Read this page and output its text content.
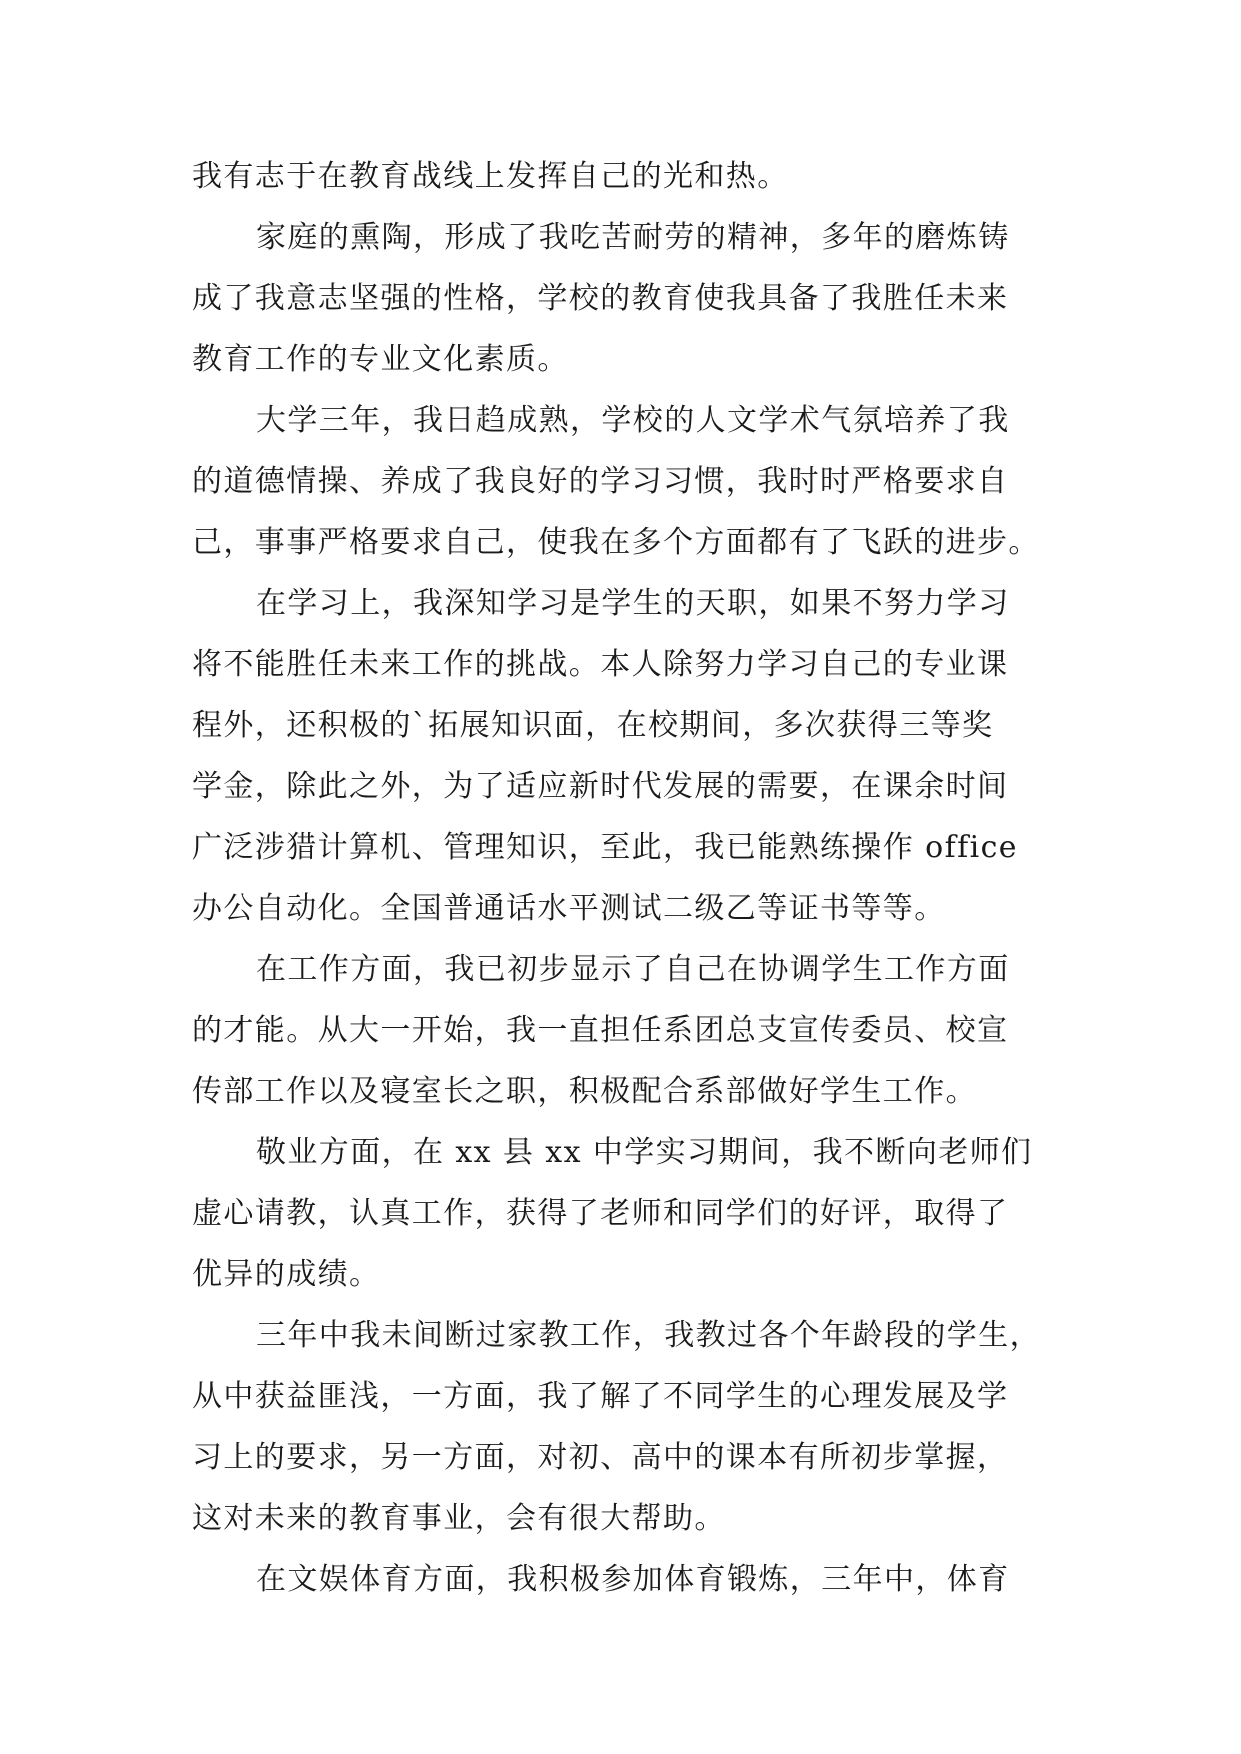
我有志于在教育战线上发挥自己的光和热。
家庭的熏陶，形成了我吃苦耐劳的精神，多年的磨炼铸
成了我意志坚强的性格，学校的教育使我具备了我胜任未来
教育工作的专业文化素质。
大学三年，我日趋成熟，学校的人文学术气氛培养了我
的道德情操、养成了我良好的学习习惯，我时时严格要求自
己，事事严格要求自己，使我在多个方面都有了飞跃的进步。
在学习上，我深知学习是学生的天职，如果不努力学习
将不能胜任未来工作的挑战。本人除努力学习自己的专业课
程外，还积极的`拓展知识面，在校期间，多次获得三等奖
学金，除此之外，为了适应新时代发展的需要，在课余时间
广泛涉猎计算机、管理知识，至此，我已能熟练操作 office
办公自动化。全国普通话水平测试二级乙等证书等等。
在工作方面，我已初步显示了自己在协调学生工作方面
的才能。从大一开始，我一直担任系团总支宣传委员、校宣
传部工作以及寝室长之职，积极配合系部做好学生工作。
敬业方面，在 xx 县 xx 中学实习期间，我不断向老师们
虚心请教，认真工作，获得了老师和同学们的好评，取得了
优异的成绩。
三年中我未间断过家教工作，我教过各个年龄段的学生，
从中获益匪浅，一方面，我了解了不同学生的心理发展及学
习上的要求，另一方面，对初、高中的课本有所初步掌握，
这对未来的教育事业，会有很大帮助。
在文娱体育方面，我积极参加体育锻炼，三年中，体育
